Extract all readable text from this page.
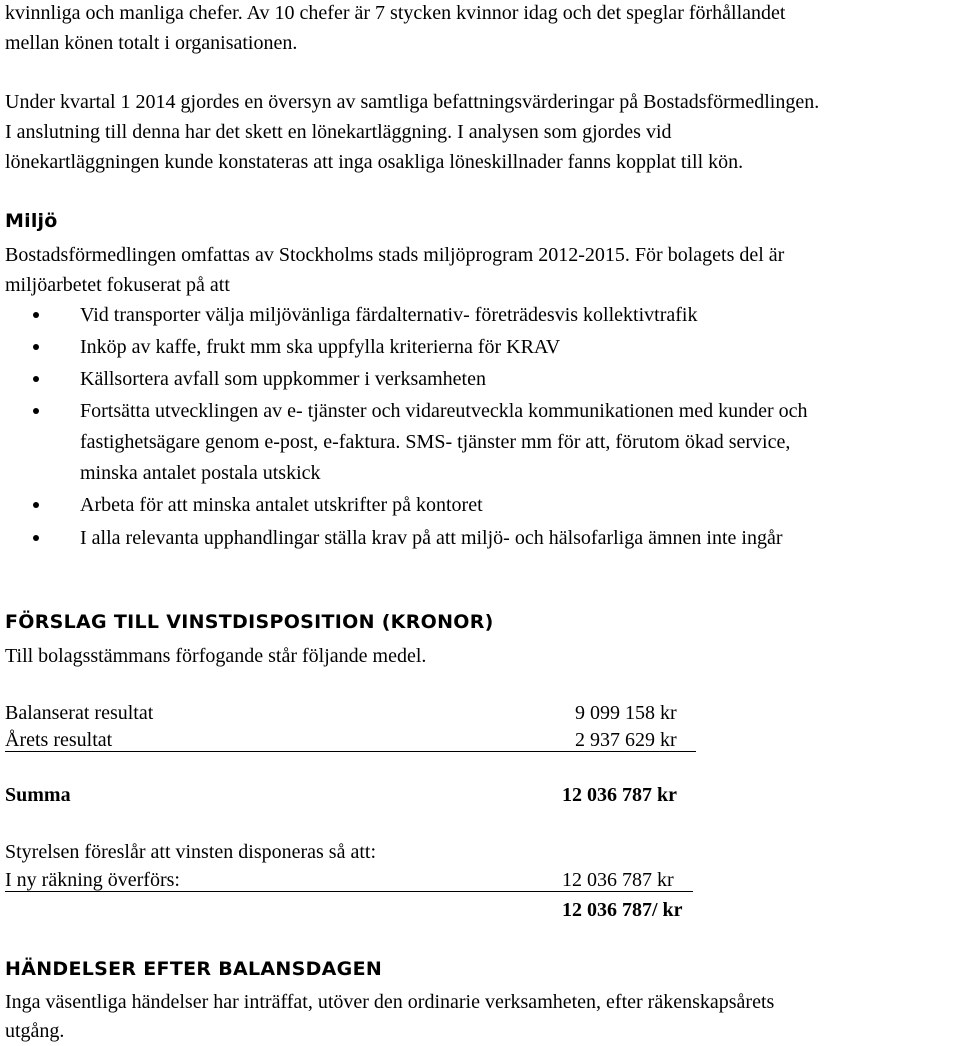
kvinnliga och manliga chefer. Av 10 chefer är 7 stycken kvinnor idag och det speglar förhållandet
mellan könen totalt i organisationen.
Under kvartal 1 2014 gjordes en översyn av samtliga befattningsvärderingar på Bostadsförmedlingen.
I anslutning till denna har det skett en lönekartläggning. I analysen som gjordes vid
lönekartläggningen kunde konstateras att inga osakliga löneskillnader fanns kopplat till kön.
Miljö
Bostadsförmedlingen omfattas av Stockholms stads miljöprogram 2012-2015. För bolagets del är
miljöarbetet fokuserat på att
Vid transporter välja miljövänliga färdalternativ- företrädesvis kollektivtrafik
Inköp av kaffe, frukt mm ska uppfylla kriterierna för KRAV
Källsortera avfall som uppkommer i verksamheten
Fortsätta utvecklingen av e- tjänster och vidareutveckla kommunikationen med kunder och
fastighetsägare genom e-post, e-faktura. SMS- tjänster mm för att, förutom ökad service,
minska antalet postala utskick
Arbeta för att minska antalet utskrifter på kontoret
I alla relevanta upphandlingar ställa krav på att miljö- och hälsofarliga ämnen inte ingår
FÖRSLAG TILL VINSTDISPOSITION (KRONOR)
Till bolagsstämmans förfogande står följande medel.
Balanserat resultat	9 099 158 kr
Årets resultat	2 937 629 kr
Summa	12 036 787 kr
Styrelsen föreslår att vinsten disponeras så att:
I ny räkning överförs:	12 036 787 kr
12 036 787/ kr
HÄNDELSER EFTER BALANSDAGEN
Inga väsentliga händelser har inträffat, utöver den ordinarie verksamheten, efter räkenskapsårets
utgång.
